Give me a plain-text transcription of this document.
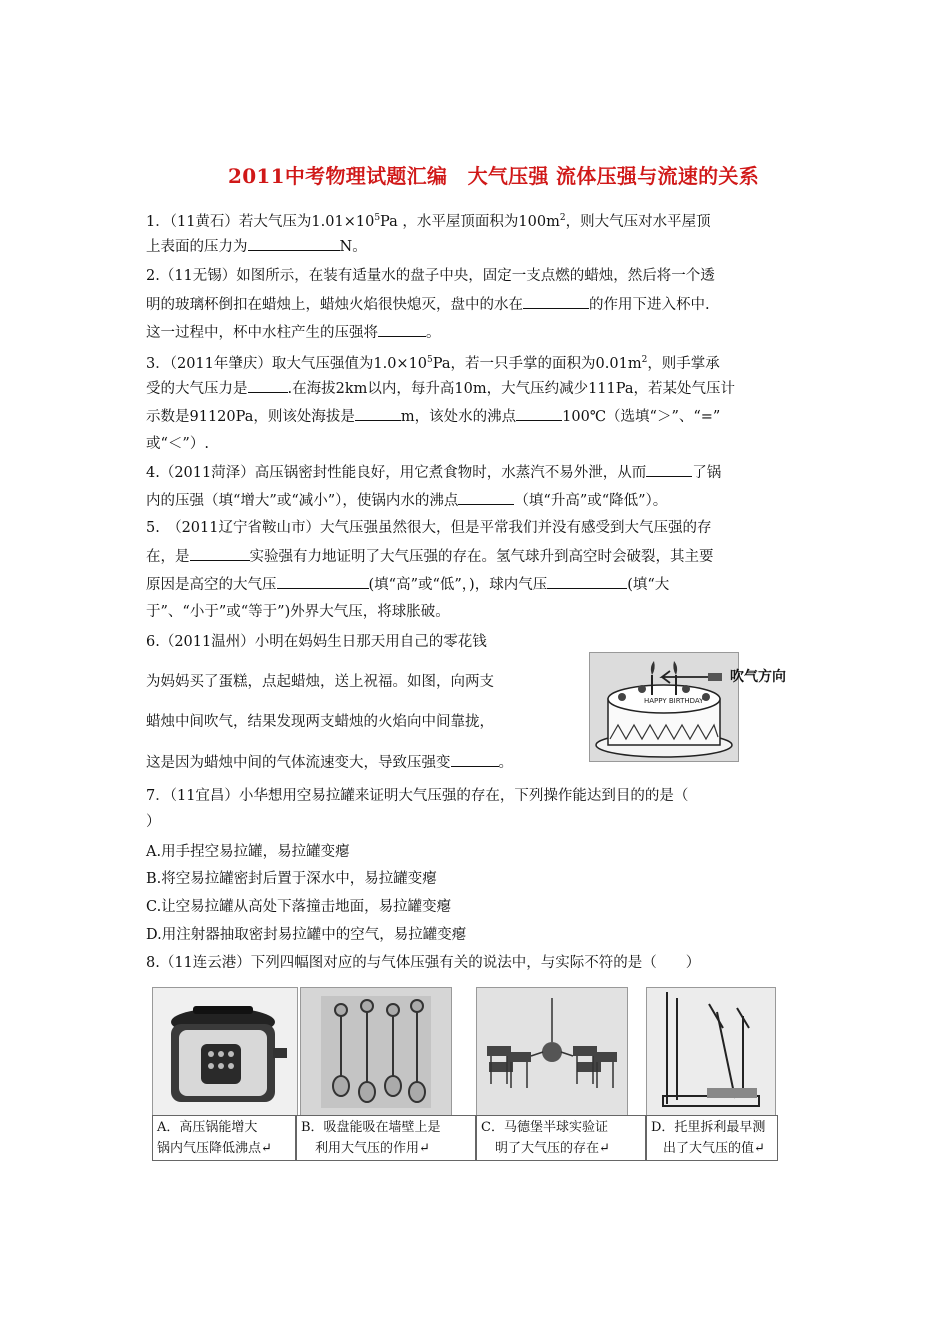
2011中考物理试题汇编　大气压强 流体压强与流速的关系
1．（11黄石）若大气压为$1.01\times 10^5Pa$ ，水平屋顶面积为$100m^2$，则大气压对水平屋顶
上表面的压力为	N。
2.（11无锡）如图所示，在装有适量水的盘子中央，固定一支点燃的蜡烛，然后将一个透
明的玻璃杯倒扣在蜡烛上，蜡烛火焰很快熄灭，盘中的水在	的作用下进入杯中.
这一过程中，杯中水柱产生的压强将	。
3．（2011年肇庆）取大气压强值为$1.0\times 10^5Pa$，若一只手掌的面积为$0.01m^2$，则手掌承
受的大气压力是	.在海拔2km以内，每升高10m，大气压约减少111Pa，若某处气压计
示数是91120Pa，则该处海拔是	m，该处水的沸点	100℃（选填“＞”、“=”
或“＜”）.
4.（2011菏泽）高压锅密封性能良好，用它煮食物时，水蒸汽不易外泄，从而	了锅
内的压强（填“增大”或“减小”），使锅内水的沸点	（填“升高”或“降低”）。
5.　（2011辽宁省鞍山市）大气压强虽然很大，但是平常我们并没有感受到大气压强的存
在，是	实验强有力地证明了大气压强的存在。氢气球升到高空时会破裂，其主要
原因是高空的大气压	(填“高”或“低”，)，球内气压	(填“大
于”、“小于”或“等于”)外界大气压，将球胀破。
6.（2011温州）小明在妈妈生日那天用自己的零花钱
为妈妈买了蛋糕，点起蜡烛，送上祝福。如图，向两支
蜡烛中间吹气，结果发现两支蜡烛的火焰向中间靠拢，
这是因为蜡烛中间的气体流速变大，导致压强变	。
HAPPY BIRTHDAY
吹气方向
7．（11宜昌）小华想用空易拉罐来证明大气压强的存在，下列操作能达到目的的是（
）
A.用手捏空易拉罐，易拉罐变瘪
B.将空易拉罐密封后置于深水中，易拉罐变瘪
C.让空易拉罐从高处下落撞击地面，易拉罐变瘪
D.用注射器抽取密封易拉罐中的空气，易拉罐变瘪
8.（11连云港）下列四幅图对应的与气体压强有关的说法中，与实际不符的是（　　）
A．高压锅能增大
锅内气压降低沸点↵
B．吸盘能吸在墙壁上是
利用大气压的作用↵
C．马德堡半球实验证
明了大气压的存在↵
D．托里拆利最早测
出了大气压的值↵
